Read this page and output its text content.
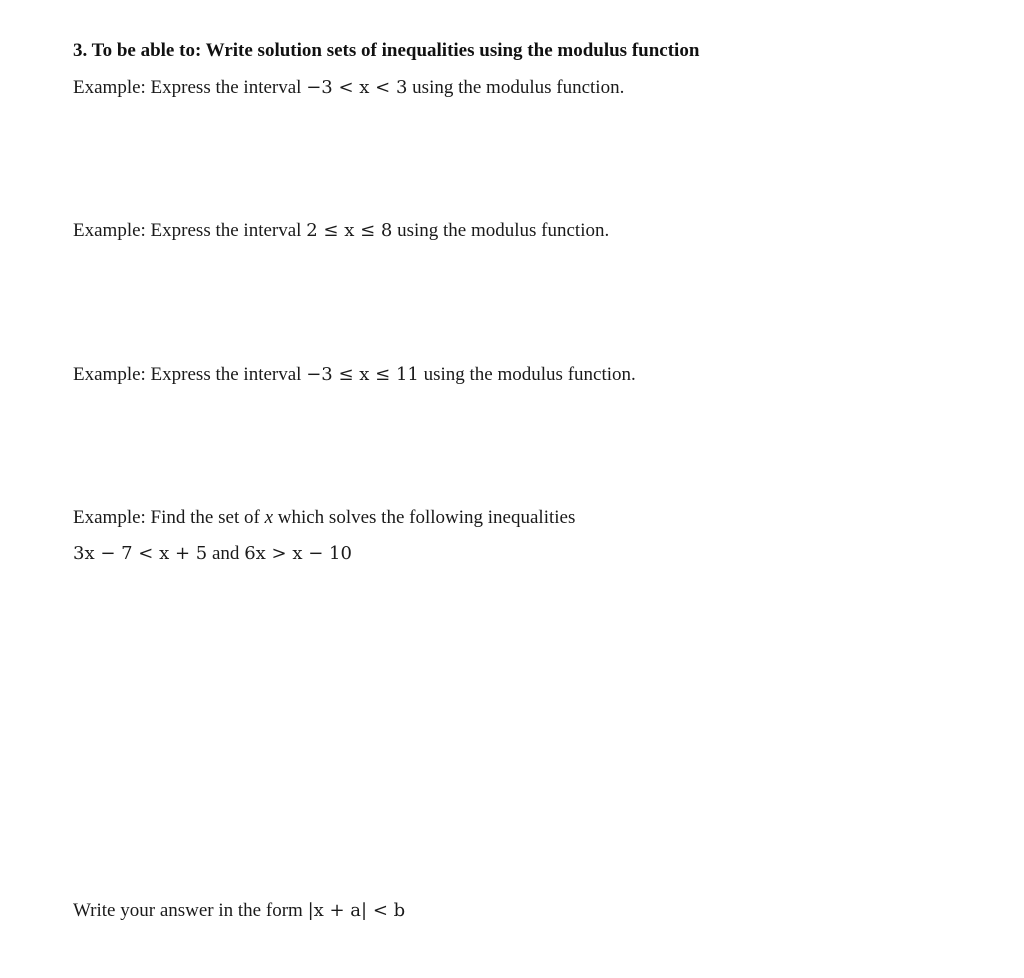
3. To be able to: Write solution sets of inequalities using the modulus function
Example: Express the interval −3 < x < 3 using the modulus function.
Example: Express the interval 2 ≤ x ≤ 8 using the modulus function.
Example: Express the interval −3 ≤ x ≤ 11 using the modulus function.
Example: Find the set of x which solves the following inequalities
3x − 7 < x + 5 and 6x > x − 10
Write your answer in the form |x + a| < b
